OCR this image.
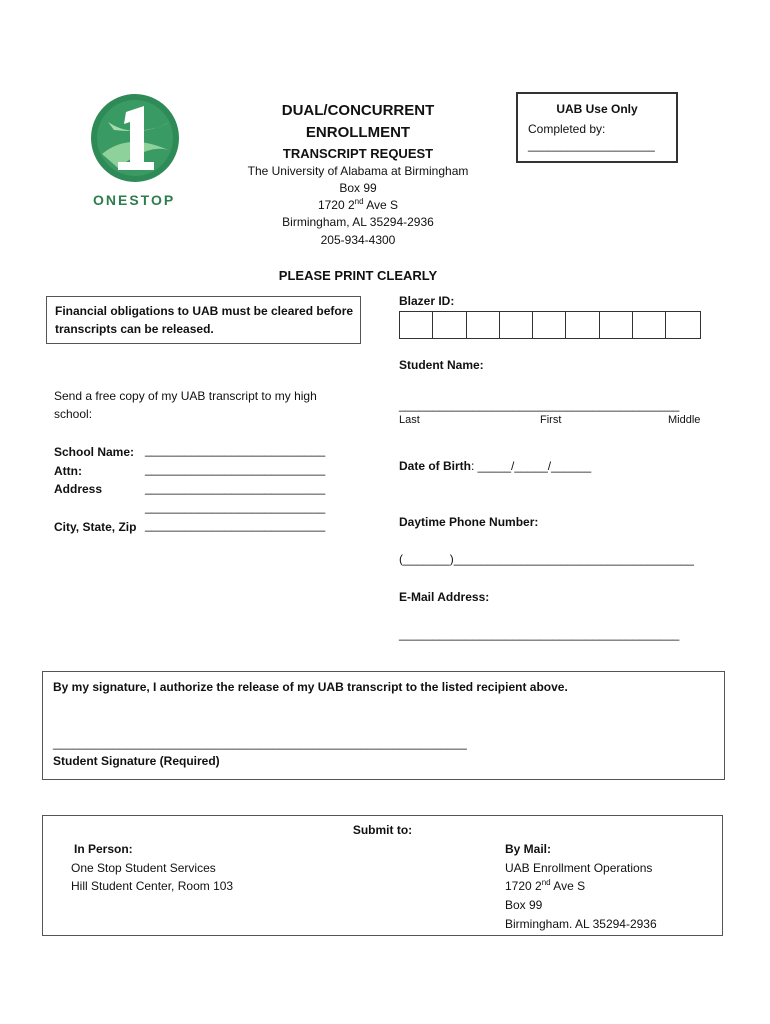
ONESTOP
DUAL/CONCURRENT
ENROLLMENT
TRANSCRIPT REQUEST
The University of Alabama at Birmingham
Box 99
1720 2nd Ave S
Birmingham, AL 35294-2936
205-934-4300
UAB Use Only
Completed by:
___________________
PLEASE PRINT CLEARLY
Financial obligations to UAB must be cleared before
transcripts can be released.
Blazer ID:
Student Name:
__________________________________________
Last	First	Middle
Send a free copy of my UAB transcript to my high
school:
School Name: ___________________________
Attn:	___________________________
Address	___________________________
___________________________
City, State, Zip ___________________________
Date of Birth: _____/_____/______
Daytime Phone Number:
(_______)____________________________________
E-Mail Address:
__________________________________________
By my signature, I authorize the release of my UAB transcript to the listed recipient above.
______________________________________________________________
Student Signature (Required)
Submit to:
In Person:
One Stop Student Services
Hill Student Center, Room 103
By Mail:
UAB Enrollment Operations
1720 2nd Ave S
Box 99
Birmingham. AL 35294-2936
